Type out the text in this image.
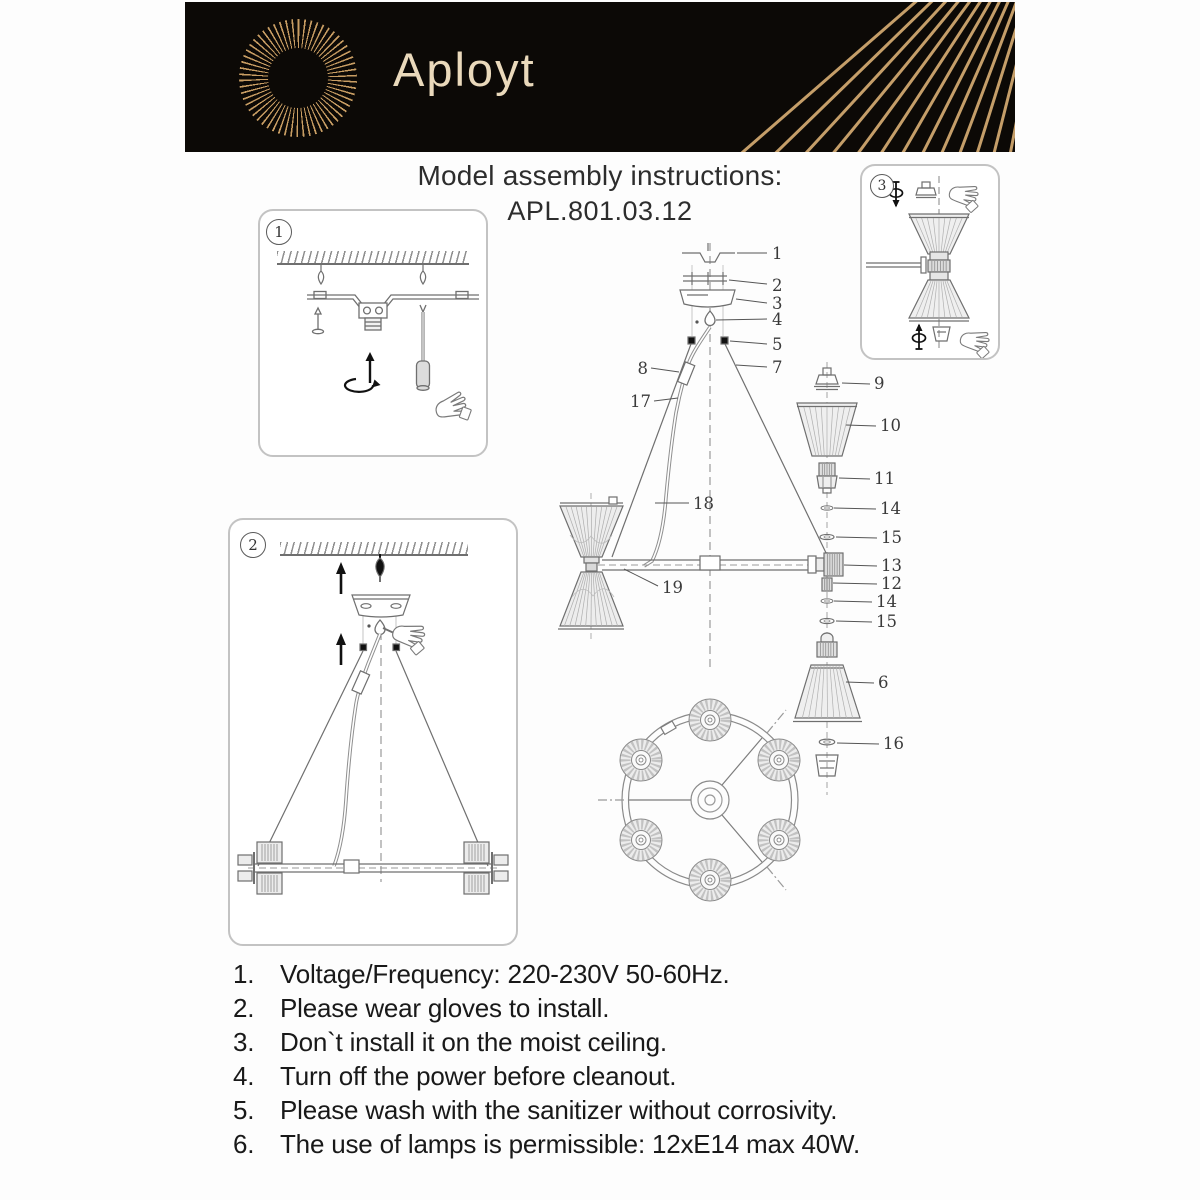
Aployt
Model assembly instructions:
APL.801.03.12
1
2
3
1
2
3
4
5
7
8
17
18
19
9
10
11
14
15
13
12
14
15
6
16
1. Voltage/Frequency: 220-230V 50-60Hz.
2. Please wear gloves to install.
3. Don`t install it on the moist ceiling.
4. Turn off the power before cleanout.
5. Please wash with the sanitizer without corrosivity.
6. The use of lamps is permissible: 12xE14 max 40W.
